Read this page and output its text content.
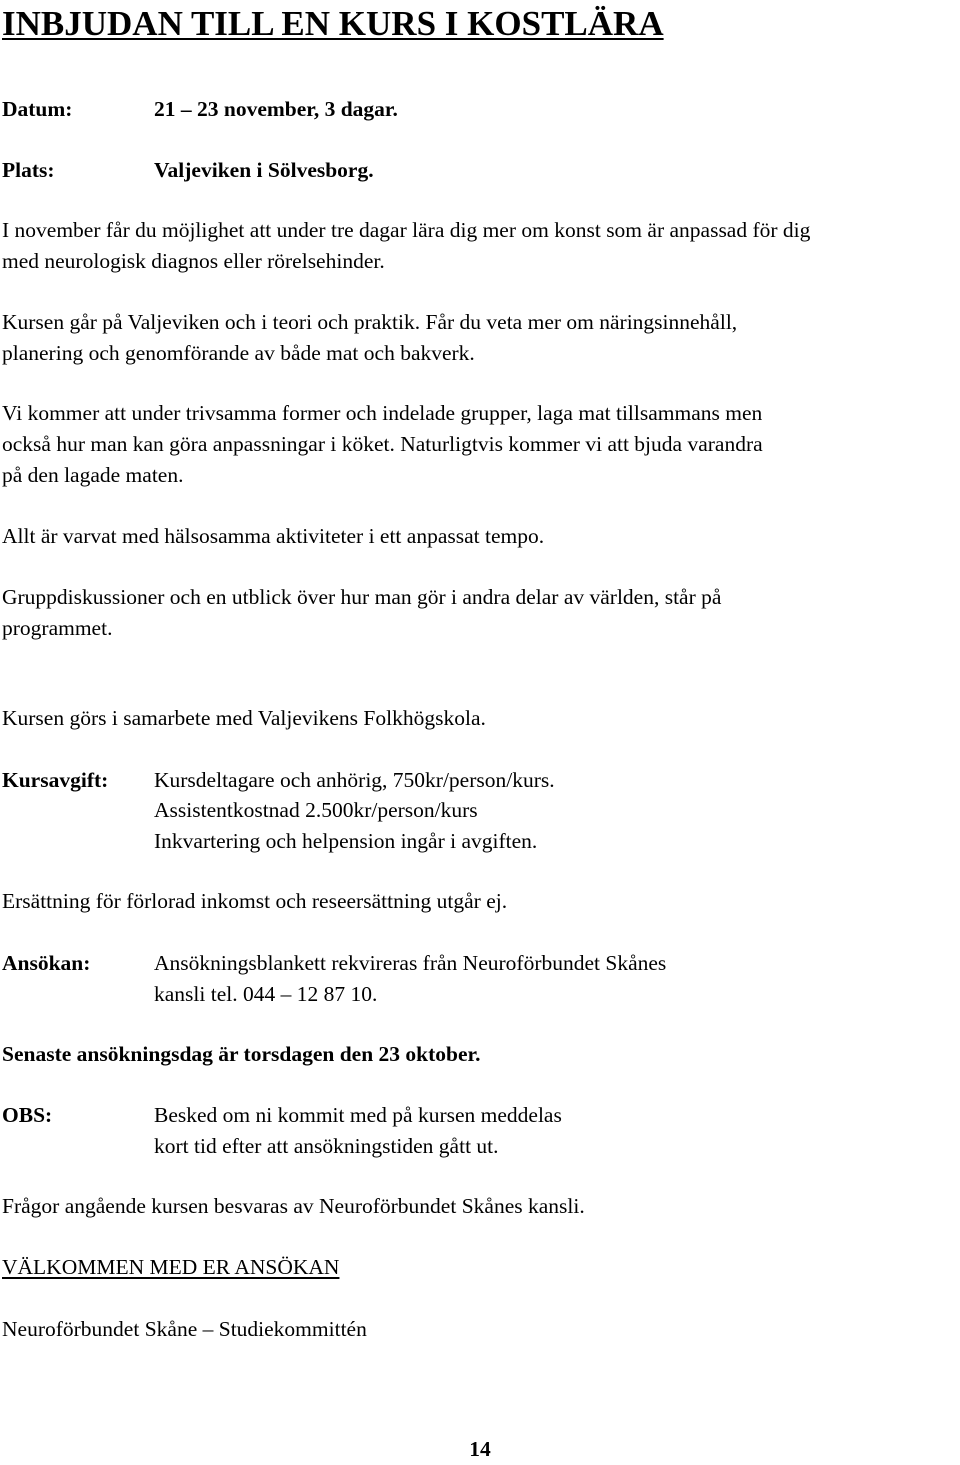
INBJUDAN TILL EN KURS I KOSTLÄRA
Datum:	21 – 23 november, 3 dagar.
Plats:	Valjeviken i Sölvesborg.

I november får du möjlighet att under tre dagar lära dig mer om konst som är anpassad för dig

med neurologisk diagnos eller rörelsehinder.

Kursen går på Valjeviken och i teori och praktik. Får du veta mer om näringsinnehåll,

planering och genomförande av både mat och bakverk.

Vi kommer att under trivsamma former och indelade grupper, laga mat tillsammans men

också hur man kan göra anpassningar i köket. Naturligtvis kommer vi att bjuda varandra

på den lagade maten.

Allt är varvat med hälsosamma aktiviteter i ett anpassat tempo.

Gruppdiskussioner och en utblick över hur man gör i andra delar av världen, står på

programmet.

Kursen görs i samarbete med Valjevikens Folkhögskola.

Kursavgift: Kursdeltagare och anhörig, 750kr/person/kurs.
Assistentkostnad 2.500kr/person/kurs
Inkvartering och helpension ingår i avgiften.

Ersättning för förlorad inkomst och reseersättning utgår ej.

Ansökan:	Ansökningsblankett rekvireras från Neuroförbundet Skånes
kansli tel. 044 – 12 87 10.

Senaste ansökningsdag är torsdagen den 23 oktober.

OBS:	Besked om ni kommit med på kursen meddelas
kort tid efter att ansökningstiden gått ut.

Frågor angående kursen besvaras av Neuroförbundet Skånes kansli.

VÄLKOMMEN MED ER ANSÖKAN

Neuroförbundet Skåne – Studiekommittén

14
